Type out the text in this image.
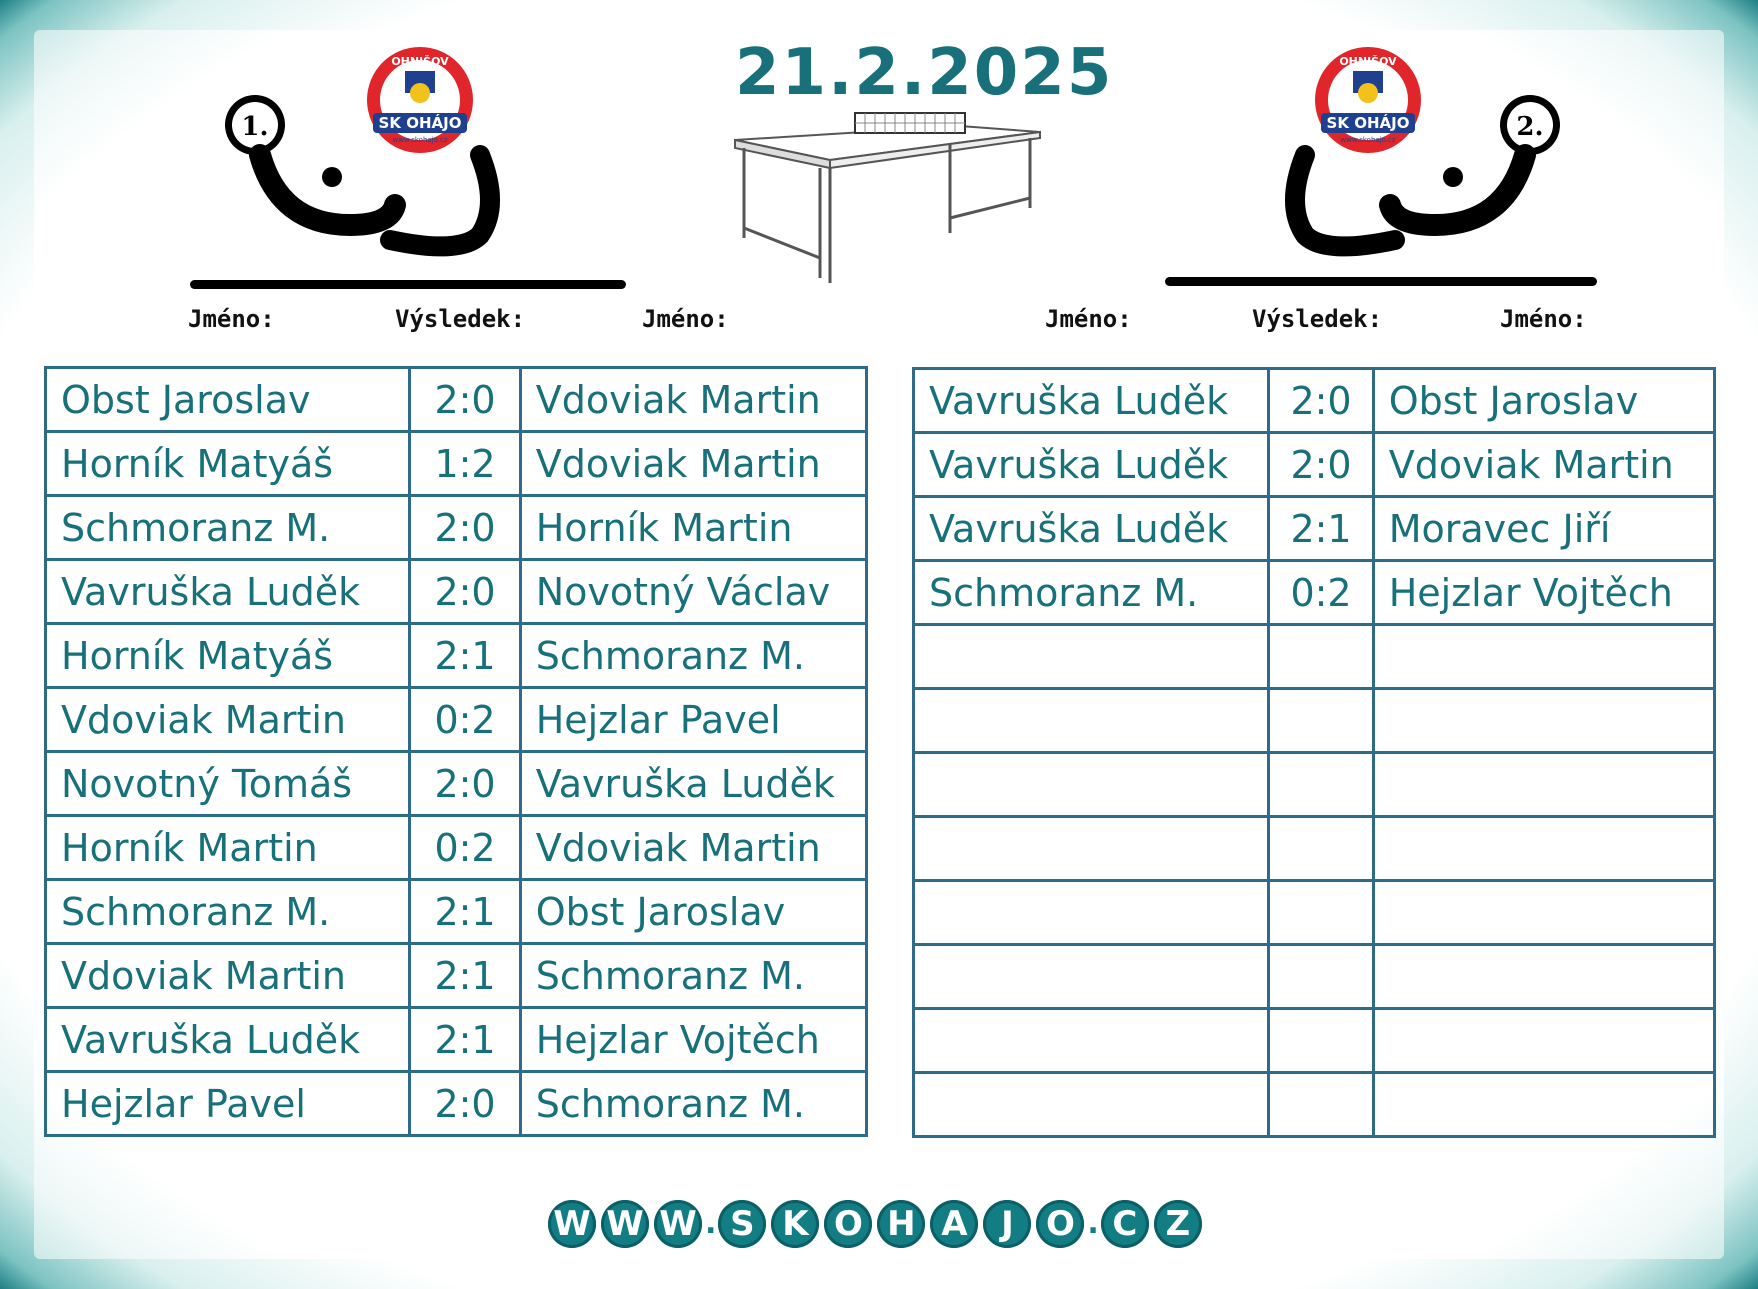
OHNIŠOV
SK OHÁJO
www.skohajo.cz
OHNIŠOV
SK OHÁJO
www.skohajo.cz
1.	2.
21.2.2025
Jméno:	Výsledek:	Jméno:	Jméno:	Výsledek:	Jméno:
Obst Jaroslav	2:0	Vdoviak Martin
Horník Matyáš	1:2	Vdoviak Martin
Schmoranz M.	2:0	Horník Martin
Vavruška Luděk	2:0	Novotný Václav
Horník Matyáš	2:1	Schmoranz M.
Vdoviak Martin	0:2	Hejzlar Pavel
Novotný Tomáš	2:0	Vavruška Luděk
Horník Martin	0:2	Vdoviak Martin
Schmoranz M.	2:1	Obst Jaroslav
Vdoviak Martin	2:1	Schmoranz M.
Vavruška Luděk	2:1	Hejzlar Vojtěch
Hejzlar Pavel	2:0	Schmoranz M.
Vavruška Luděk	2:0	Obst Jaroslav
Vavruška Luděk	2:0	Vdoviak Martin
Vavruška Luděk	2:1	Moravec Jiří
Schmoranz M.	0:2	Hejzlar Vojtěch

W W W . S K O H A J O . C Z
